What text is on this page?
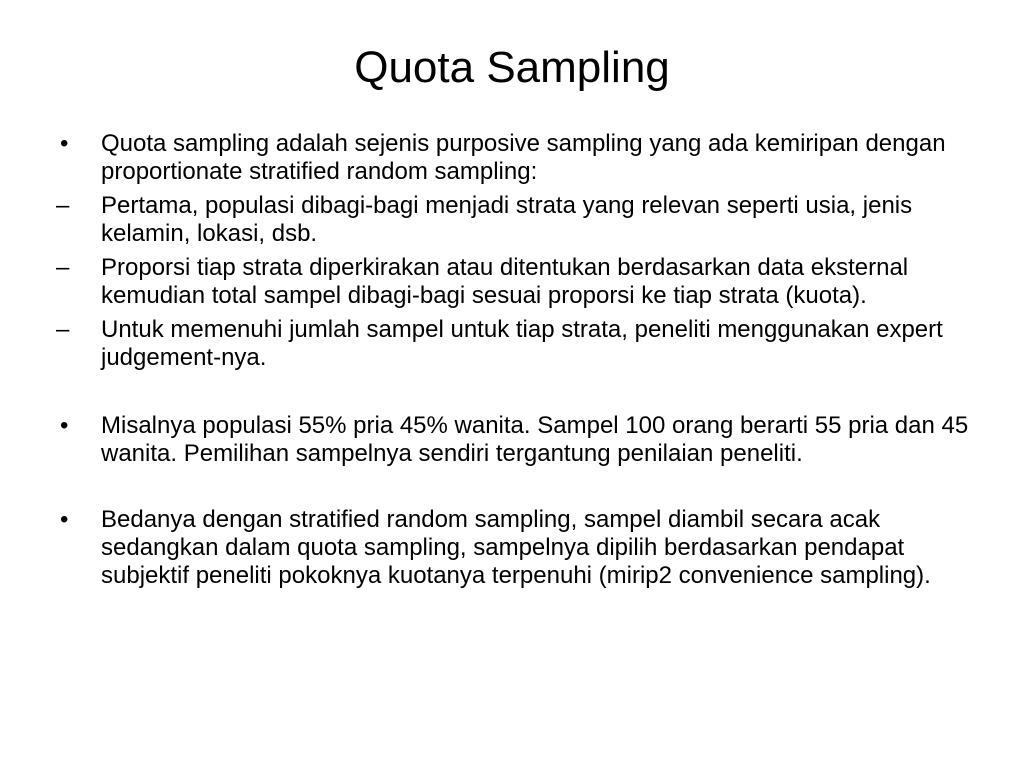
Quota Sampling
• Quota sampling adalah sejenis purposive sampling yang ada kemiripan dengan proportionate stratified random sampling:
– Pertama, populasi dibagi-bagi menjadi strata yang relevan seperti usia, jenis kelamin, lokasi, dsb.
– Proporsi tiap strata diperkirakan atau ditentukan berdasarkan data eksternal kemudian total sampel dibagi-bagi sesuai proporsi ke tiap strata (kuota).
– Untuk memenuhi jumlah sampel untuk tiap strata, peneliti menggunakan expert judgement-nya.
• Misalnya populasi 55% pria 45% wanita. Sampel 100 orang berarti 55 pria dan 45 wanita. Pemilihan sampelnya sendiri tergantung penilaian peneliti.
• Bedanya dengan stratified random sampling, sampel diambil secara acak sedangkan dalam quota sampling, sampelnya dipilih berdasarkan pendapat subjektif peneliti pokoknya kuotanya terpenuhi (mirip2 convenience sampling).
